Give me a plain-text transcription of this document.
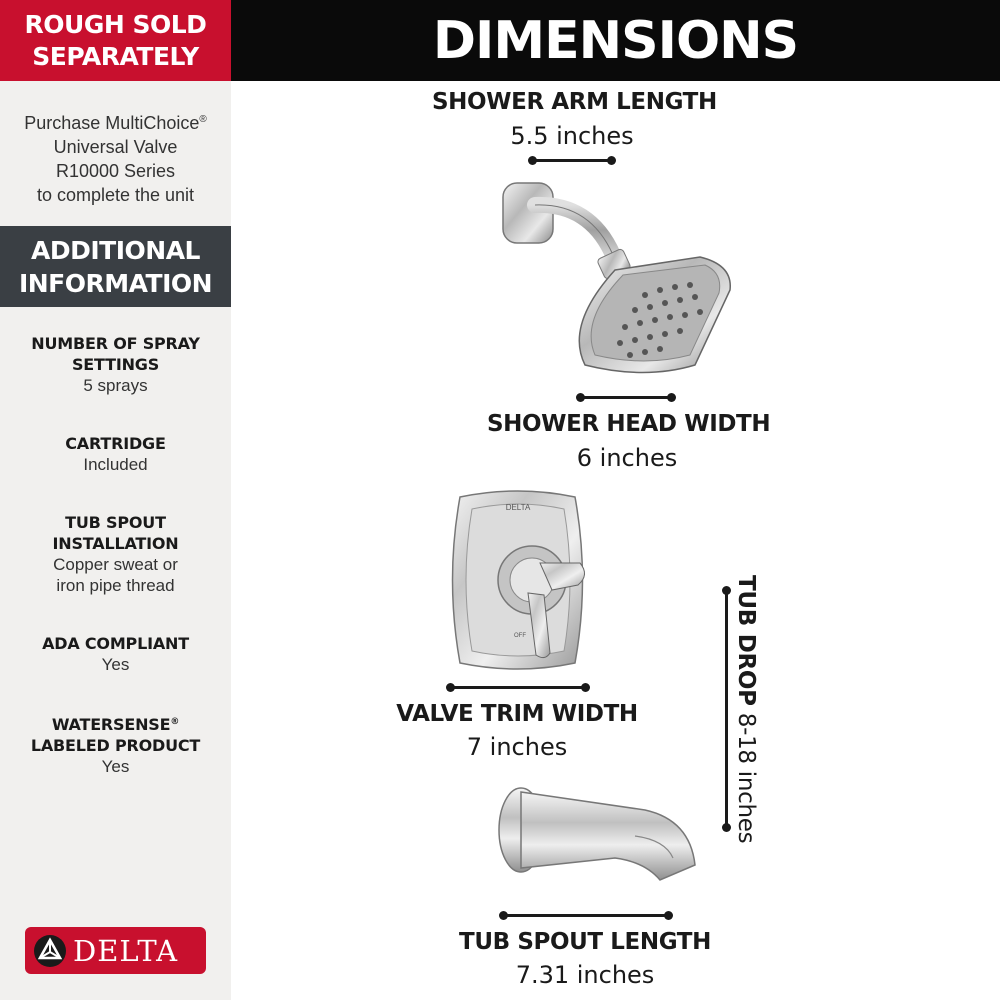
ROUGH SOLD
SEPARATELY
Purchase MultiChoice®
Universal Valve
R10000 Series
to complete the unit
ADDITIONAL
INFORMATION
NUMBER OF SPRAY
SETTINGS
5 sprays
CARTRIDGE
Included
TUB SPOUT
INSTALLATION
Copper sweat or
iron pipe thread
ADA COMPLIANT
Yes
WATERSENSE®
LABELED PRODUCT
Yes
DELTA
DIMENSIONS
SHOWER ARM LENGTH
5.5 inches
SHOWER HEAD WIDTH
6 inches
DELTA
OFF
VALVE TRIM WIDTH
7 inches
TUB DROP 8-18 inches
TUB SPOUT LENGTH
7.31 inches
